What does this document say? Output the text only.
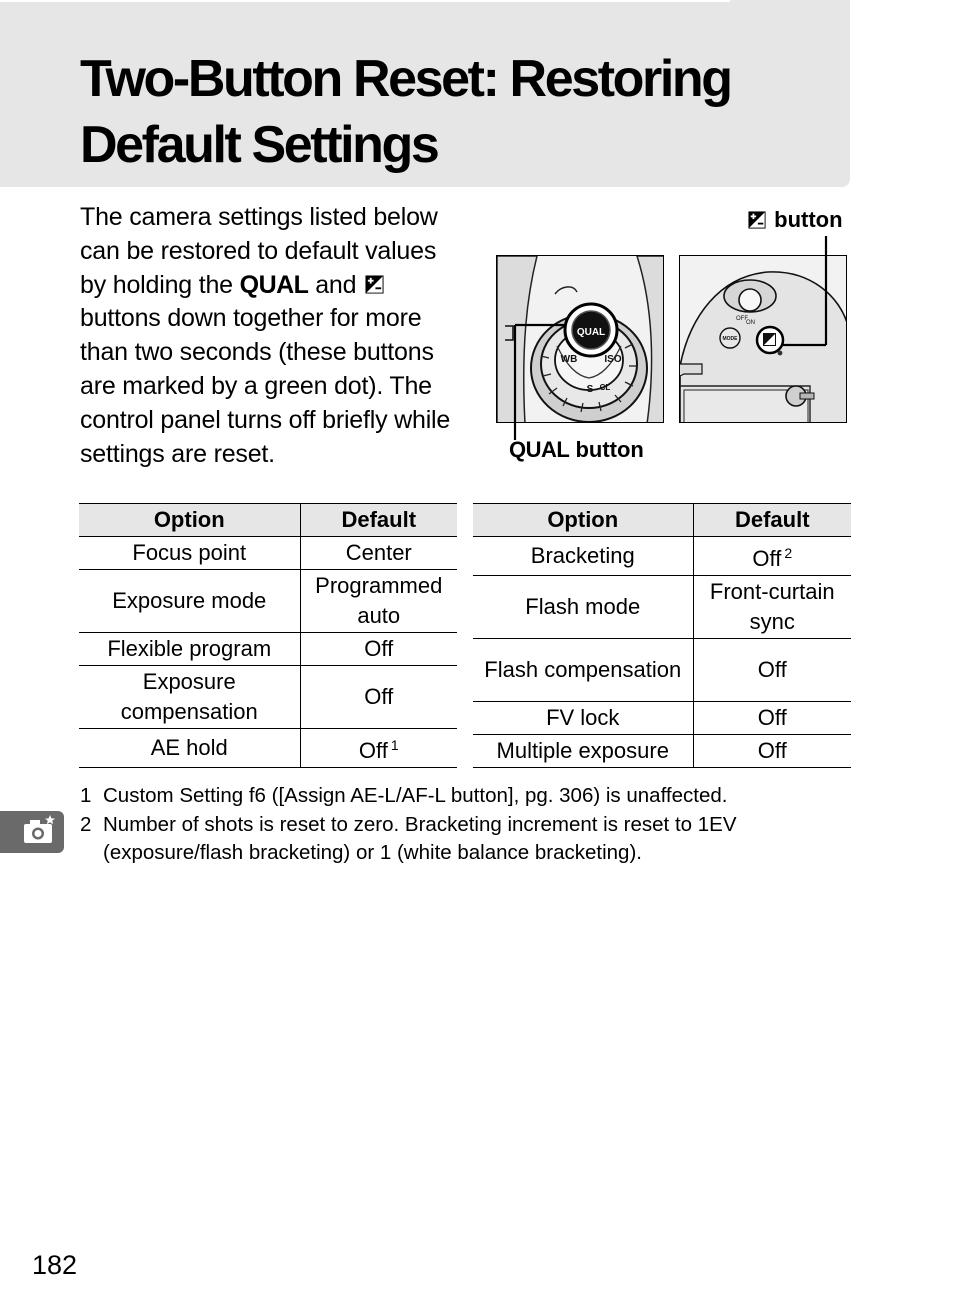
Two-Button Reset: Restoring
Default Settings

The camera settings listed below can be restored to default values by holding the QUAL and  buttons down together for more than two seconds (these buttons are marked by a green dot). The control panel turns off briefly while settings are reset.

QUAL
WB	ISO
S CL
OFF
ON
MODE
button
QUAL button
Option	Default
Focus point	Center
Exposure mode	Programmed auto
Flexible program	Off
Exposure compensation	Off
AE hold	Off $^1$
Option	Default
Bracketing	Off $^2$
Flash mode	Front-curtain sync
Flash compensation	Off
FV lock	Off
Multiple exposure	Off
1 Custom Setting f6 ([Assign AE-L/AF-L button], pg. 306) is unaffected.
2 Number of shots is reset to zero. Bracketing increment is reset to 1EV (exposure/flash bracketing) or 1 (white balance bracketing).
182
